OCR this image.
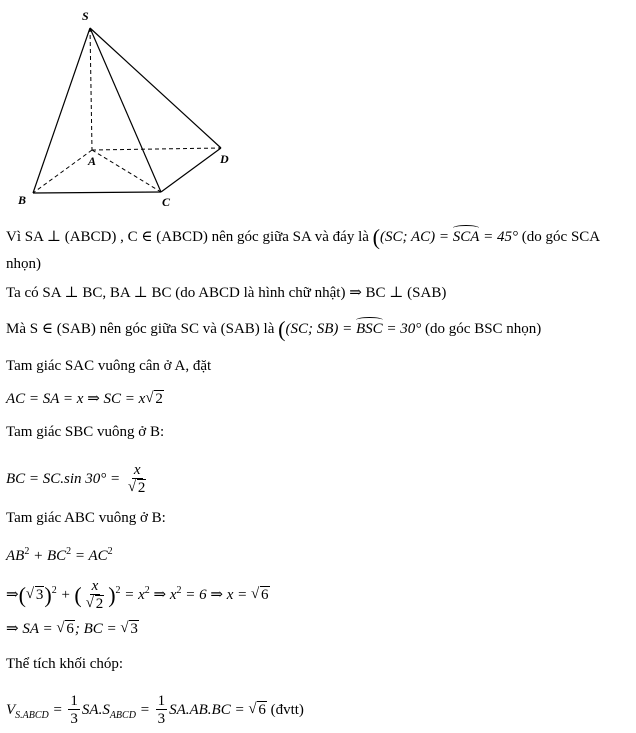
S
A
B	C
D
Vì SA ⊥ (ABCD) , C ∈ (ABCD) nên góc giữa SA và đáy là ((SC; AC) = SCA = 45° (do góc SCA
nhọn)
Ta có SA ⊥ BC, BA ⊥ BC (do ABCD là hình chữ nhật) ⇒ BC ⊥ (SAB)
Mà S ∈ (SAB) nên góc giữa SC và (SAB) là ((SC; SB) = BSC = 30° (do góc BSC nhọn)
Tam giác SAC vuông cân ở A, đặt
AC = SA = x ⇒ SC = x √ 2
Tam giác SBC vuông ở B:
BC = SC.sin 30° = x
√ 2
Tam giác ABC vuông ở B:
$AB^2 + BC^2 = AC^2$
⇒( √ 3)$^2$ + ( x
√ 2 )$^2 = x^2$ ⇒ $x^2 = 6$ ⇒ x = √ 6
⇒ SA = √ 6; BC = √ 3
Thể tích khối chóp:
$V_{S.ABCD} = \frac{1}{3} SA.S_{ABCD} = \frac{1}{3} SA.AB.BC$ = √ 6 (đvtt)
